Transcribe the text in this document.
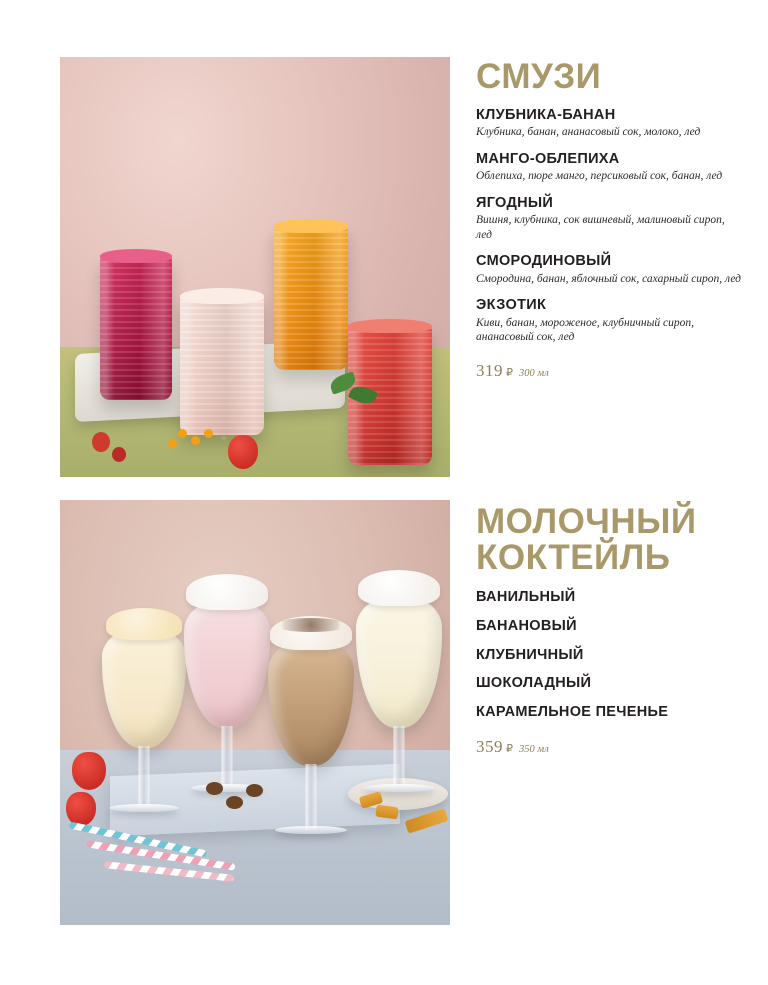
СМУЗИ

КЛУБНИКА-БАНАН

Клубника, банан, ананасовый сок, молоко, лед

МАНГО-ОБЛЕПИХА

Облепиха, пюре манго, персиковый сок, банан, лед

ЯГОДНЫЙ

Вишня, клубника, сок вишневый, малиновый сироп, лед

СМОРОДИНОВЫЙ

Смородина, банан, яблочный сок, сахарный сироп, лед

ЭКЗОТИК

Киви, банан, мороженое, клубничный сироп, ананасовый сок, лед

319 ₽ 300 мл
МОЛОЧНЫЙ
КОКТЕЙЛЬ

ВАНИЛЬНЫЙ

БАНАНОВЫЙ

КЛУБНИЧНЫЙ

ШОКОЛАДНЫЙ

КАРАМЕЛЬНОЕ ПЕЧЕНЬЕ

359 ₽ 350 мл
